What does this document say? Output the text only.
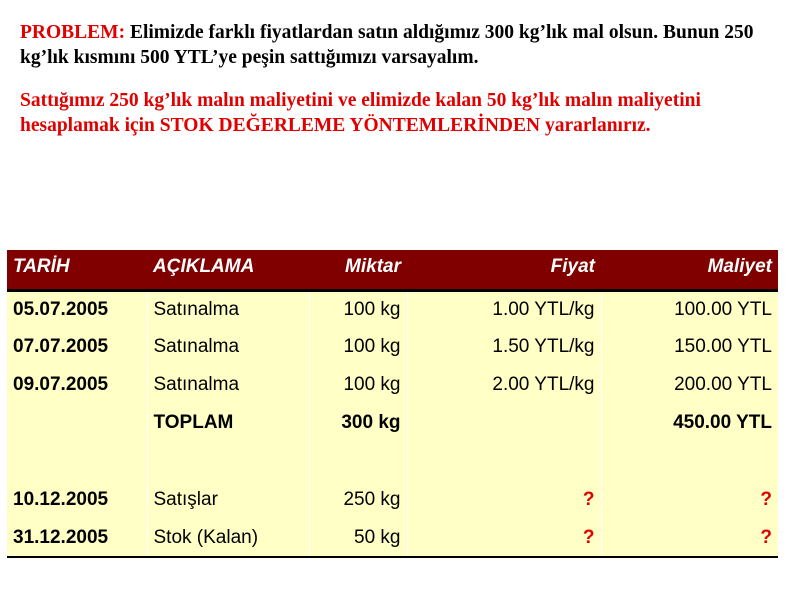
PROBLEM: Elimizde farklı fiyatlardan satın aldığımız 300 kg’lık mal olsun. Bunun 250 kg’lık kısmını 500 YTL’ye peşin sattığımızı varsayalım.
Sattığımız 250 kg’lık malın maliyetini ve elimizde kalan 50 kg’lık malın maliyetini hesaplamak için STOK DEĞERLEME YÖNTEMLERİNDEN yararlanırız.
TARİH	AÇIKLAMA	Miktar	Fiyat	Maliyet
05.07.2005	Satınalma	100 kg	1.00 YTL/kg	100.00 YTL
07.07.2005	Satınalma	100 kg	1.50 YTL/kg	150.00 YTL
09.07.2005	Satınalma	100 kg	2.00 YTL/kg	200.00 YTL
	TOPLAM	300 kg		450.00 YTL

10.12.2005	Satışlar	250 kg	?	?
31.12.2005	Stok (Kalan)	50 kg	?	?
